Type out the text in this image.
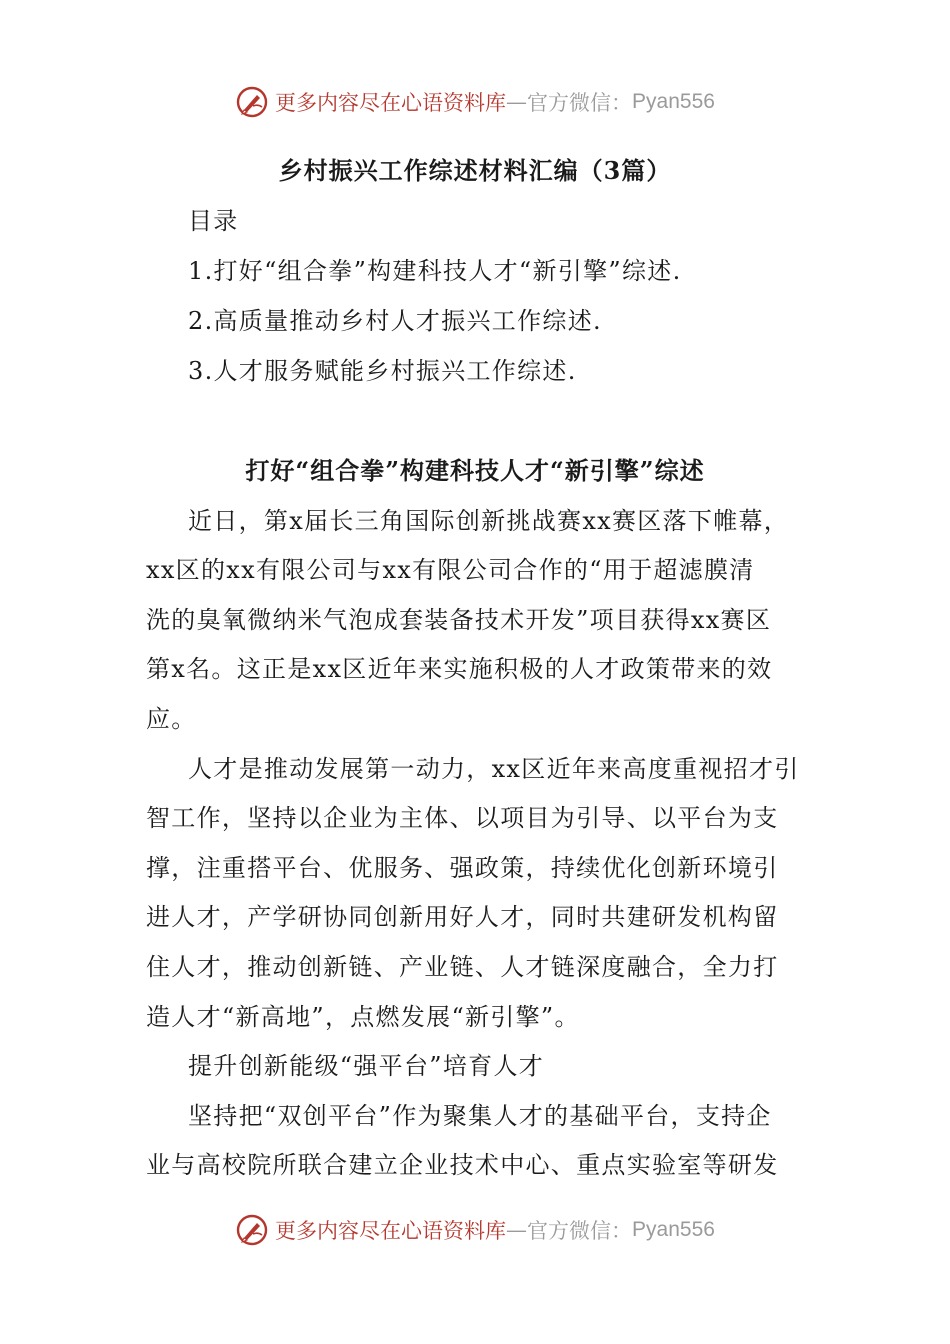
更多内容尽在心语资料库 — 官方微信： Pyan556
乡村振兴工作综述材料汇编（3篇）
目录
1.打好“组合拳”构建科技人才“新引擎”综述.
2.高质量推动乡村人才振兴工作综述.
3.人才服务赋能乡村振兴工作综述.
打好“组合拳”构建科技人才“新引擎”综述
近日，第x届长三角国际创新挑战赛xx赛区落下帷幕，
xx区的xx有限公司与xx有限公司合作的“用于超滤膜清
洗的臭氧微纳米气泡成套装备技术开发”项目获得xx赛区
第x名。这正是xx区近年来实施积极的人才政策带来的效
应。
人才是推动发展第一动力，xx区近年来高度重视招才引
智工作，坚持以企业为主体、以项目为引导、以平台为支
撑，注重搭平台、优服务、强政策，持续优化创新环境引
进人才，产学研协同创新用好人才，同时共建研发机构留
住人才，推动创新链、产业链、人才链深度融合，全力打
造人才“新高地”，点燃发展“新引擎”。
提升创新能级“强平台”培育人才
坚持把“双创平台”作为聚集人才的基础平台，支持企
业与高校院所联合建立企业技术中心、重点实验室等研发
更多内容尽在心语资料库 — 官方微信： Pyan556
